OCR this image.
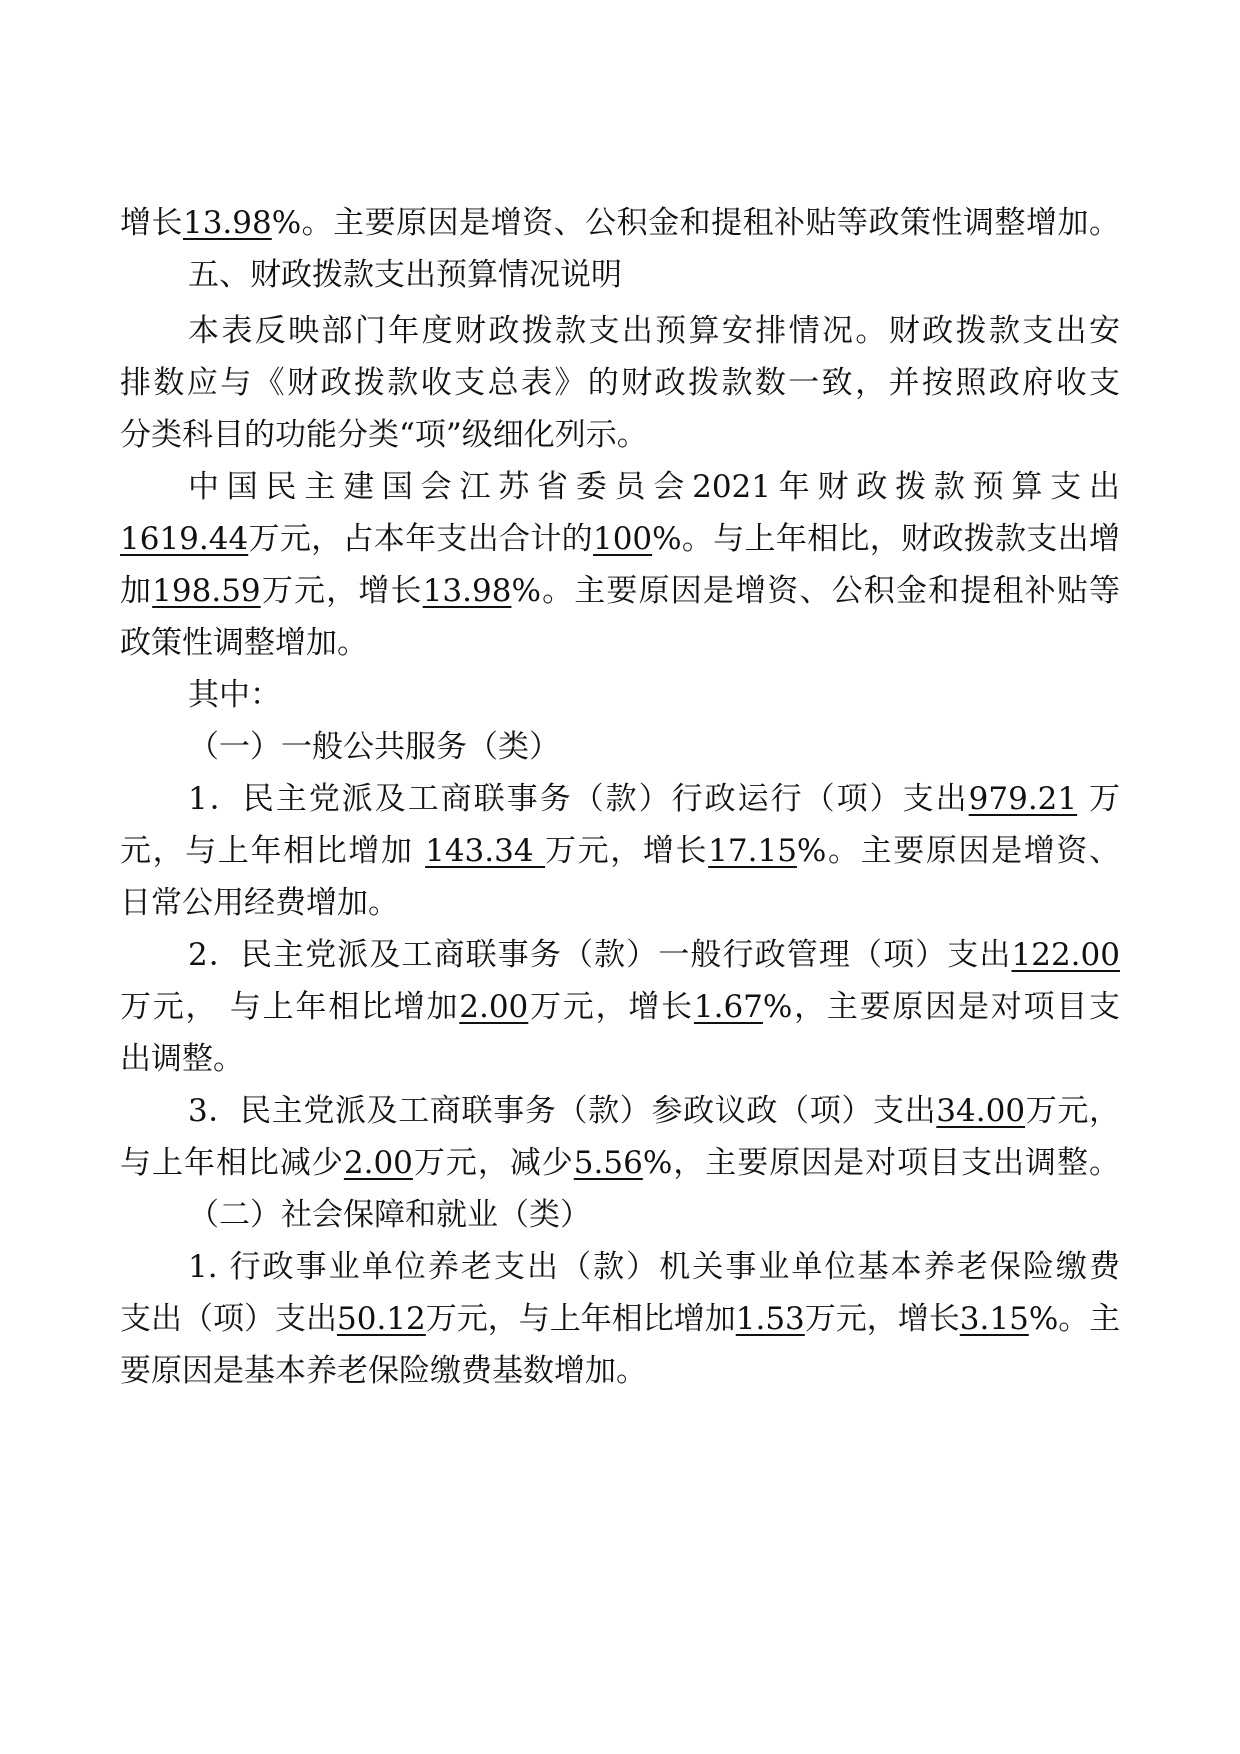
增长13.98%。主要原因是增资、公积金和提租补贴等政策性调整增加。
五、财政拨款支出预算情况说明
本表反映部门年度财政拨款支出预算安排情况。财政拨款支出安
排数应与《财政拨款收支总表》的财政拨款数一致，并按照政府收支
分类科目的功能分类“项”级细化列示。
中国民主建国会江苏省委员会2021年财政拨款预算支出
1619.44万元，占本年支出合计的100%。与上年相比，财政拨款支出增
加198.59万元，增长13.98%。主要原因是增资、公积金和提租补贴等
政策性调整增加。
其中：
（一）一般公共服务（类）
1．民主党派及工商联事务（款）行政运行（项）支出979.21 万
元，与上年相比增加 143.34 万元，增长17.15%。主要原因是增资、
日常公用经费增加。
2．民主党派及工商联事务（款）一般行政管理（项）支出122.00
万元， 与上年相比增加2.00万元，增长1.67%，主要原因是对项目支
出调整。
3．民主党派及工商联事务（款）参政议政（项）支出34.00万元，
与上年相比减少2.00万元，减少5.56%，主要原因是对项目支出调整。
（二）社会保障和就业（类）
1. 行政事业单位养老支出（款）机关事业单位基本养老保险缴费
支出（项）支出50.12万元，与上年相比增加1.53万元，增长3.15%。主
要原因是基本养老保险缴费基数增加。
